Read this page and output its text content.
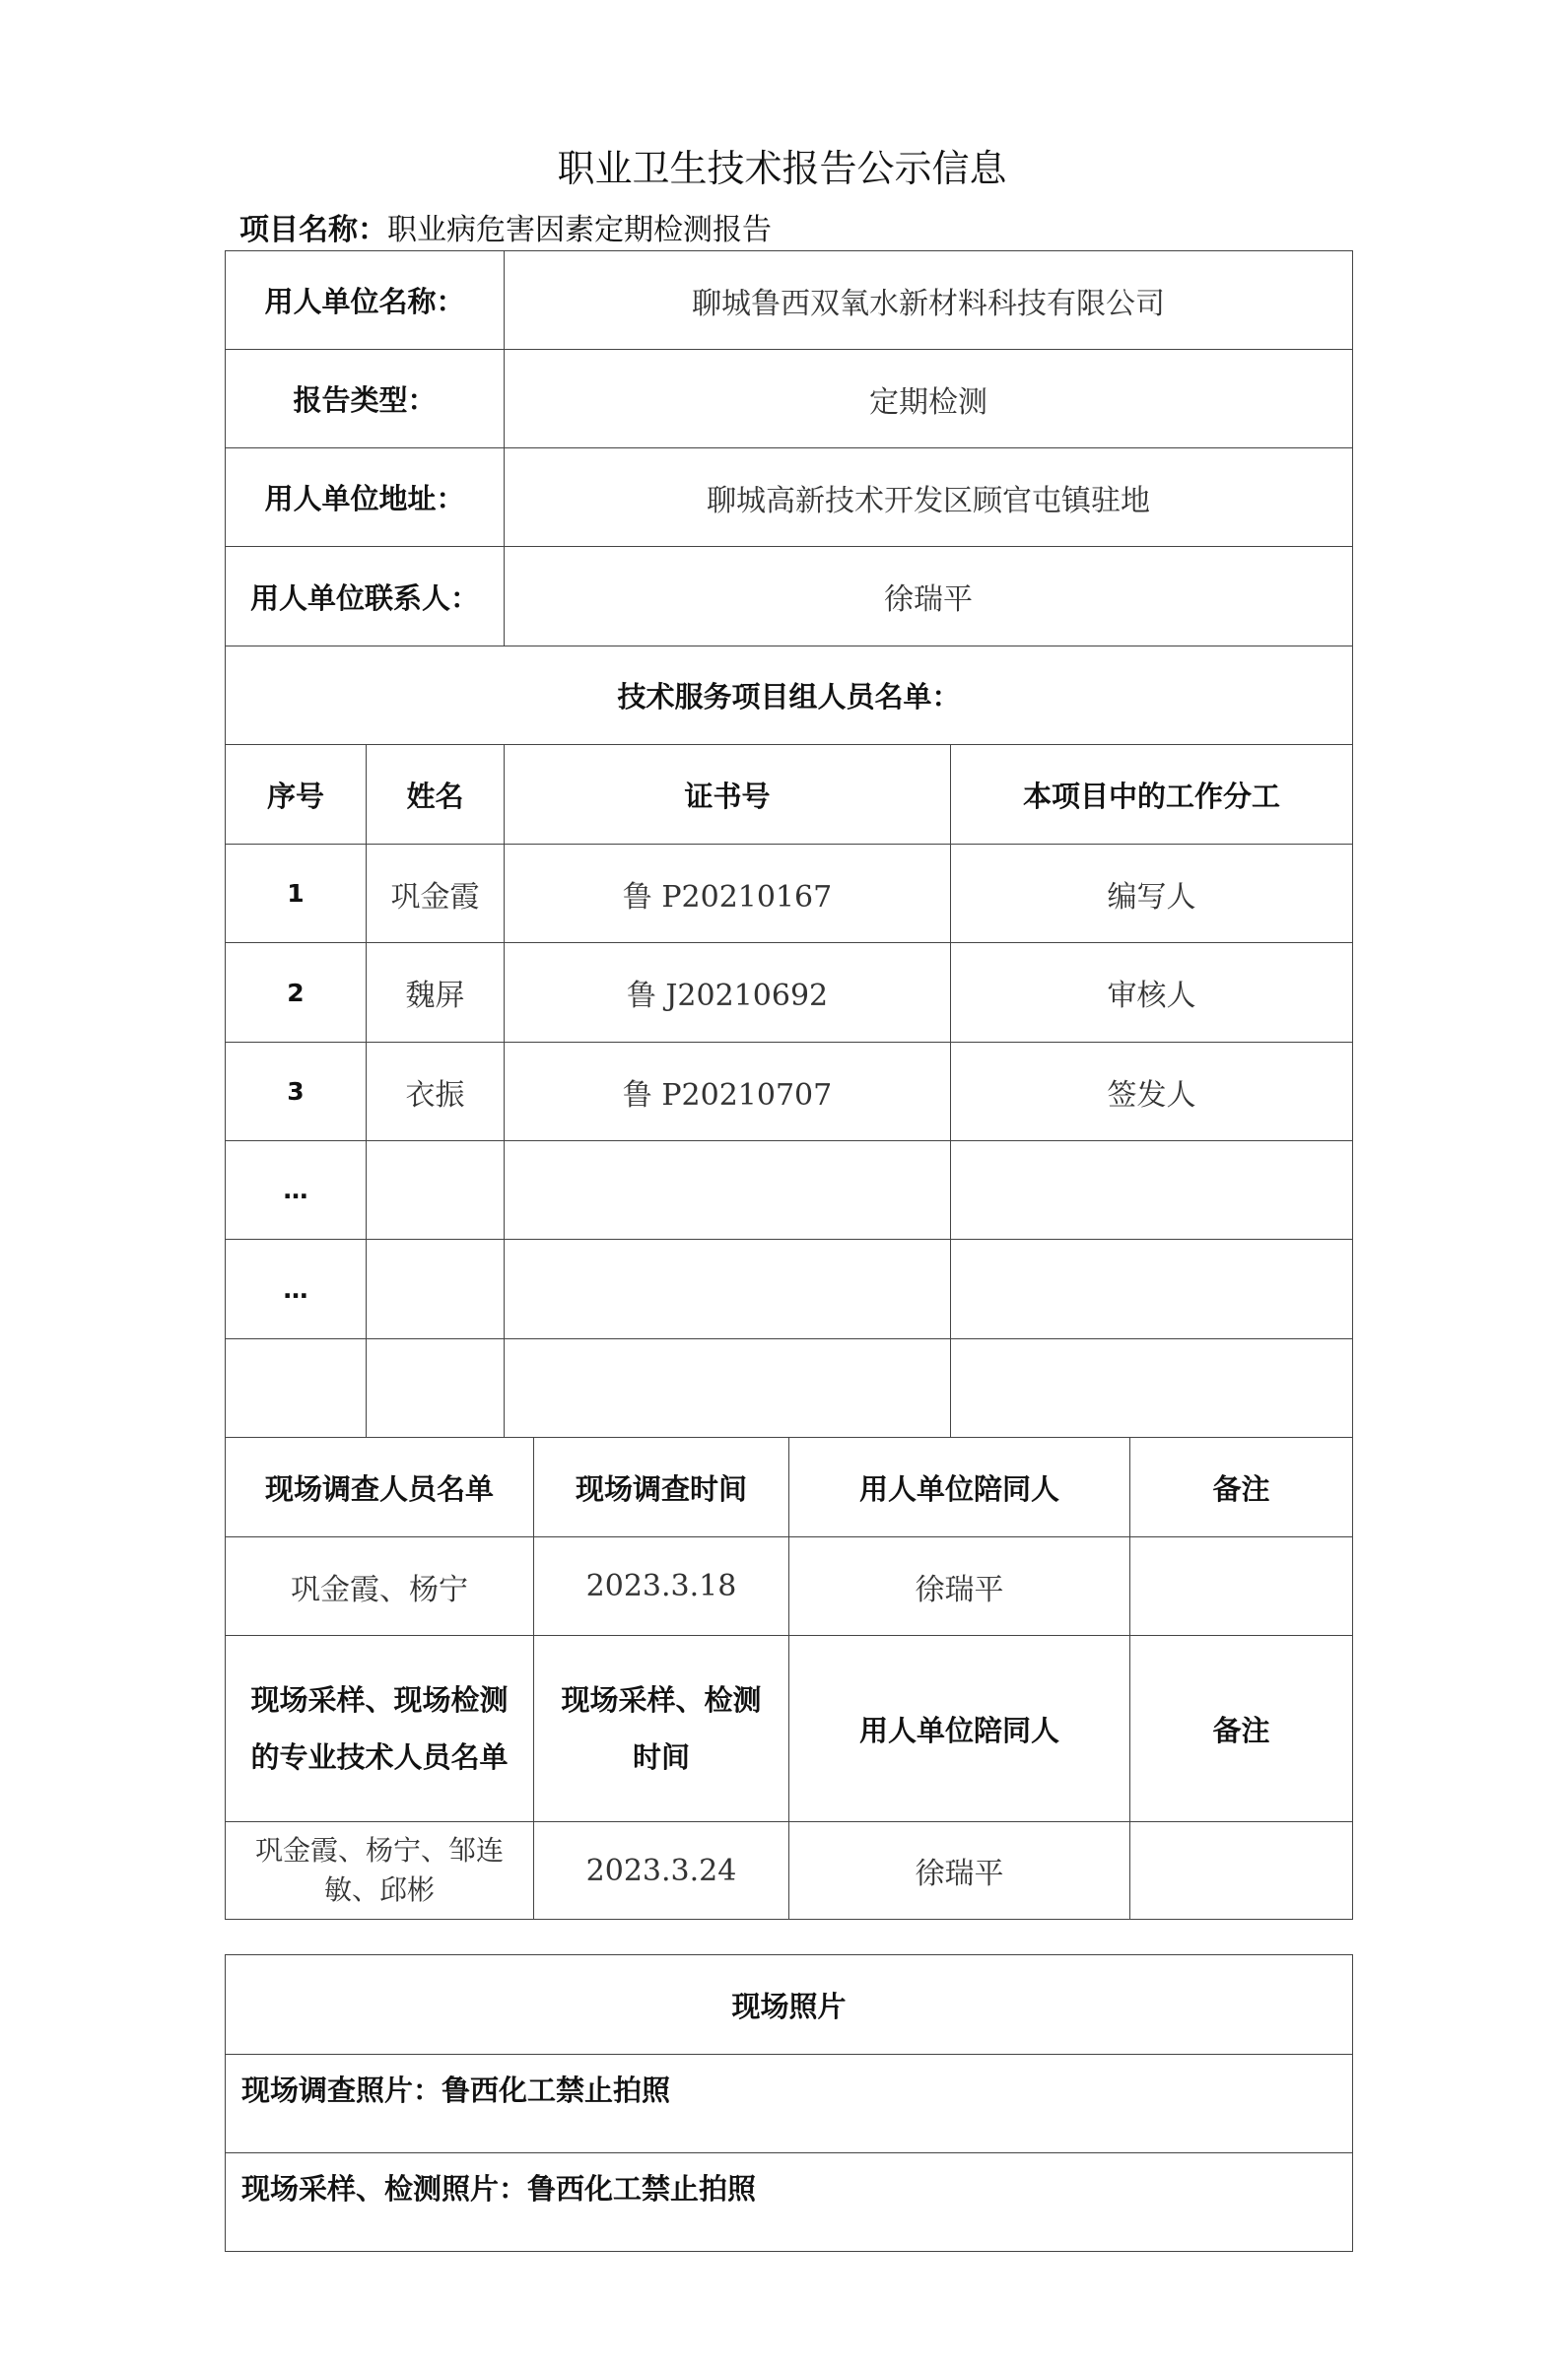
职业卫生技术报告公示信息
项目名称：职业病危害因素定期检测报告
用人单位名称：		聊城鲁西双氧水新材料科技有限公司	
报告类型：		定期检测	
用人单位地址：		聊城高新技术开发区顾官屯镇驻地	
用人单位联系人：		徐瑞平	
技术服务项目组人员名单：			
序号	姓名	证书号	本项目中的工作分工
1	巩金霞	鲁 P20210167	编写人
2	魏屏	鲁 J20210692	审核人
3	衣振	鲁 P20210707	签发人
…			
…			

现场调查人员名单	现场调查时间	用人单位陪同人	备注
巩金霞、杨宁	2023.3.18	徐瑞平	
现场采样、现场检测的专业技术人员名单	现场采样、检测时间	用人单位陪同人	备注
巩金霞、杨宁、邹连敏、邱彬	2023.3.24	徐瑞平	
现场照片
现场调查照片：鲁西化工禁止拍照
现场采样、检测照片：鲁西化工禁止拍照
